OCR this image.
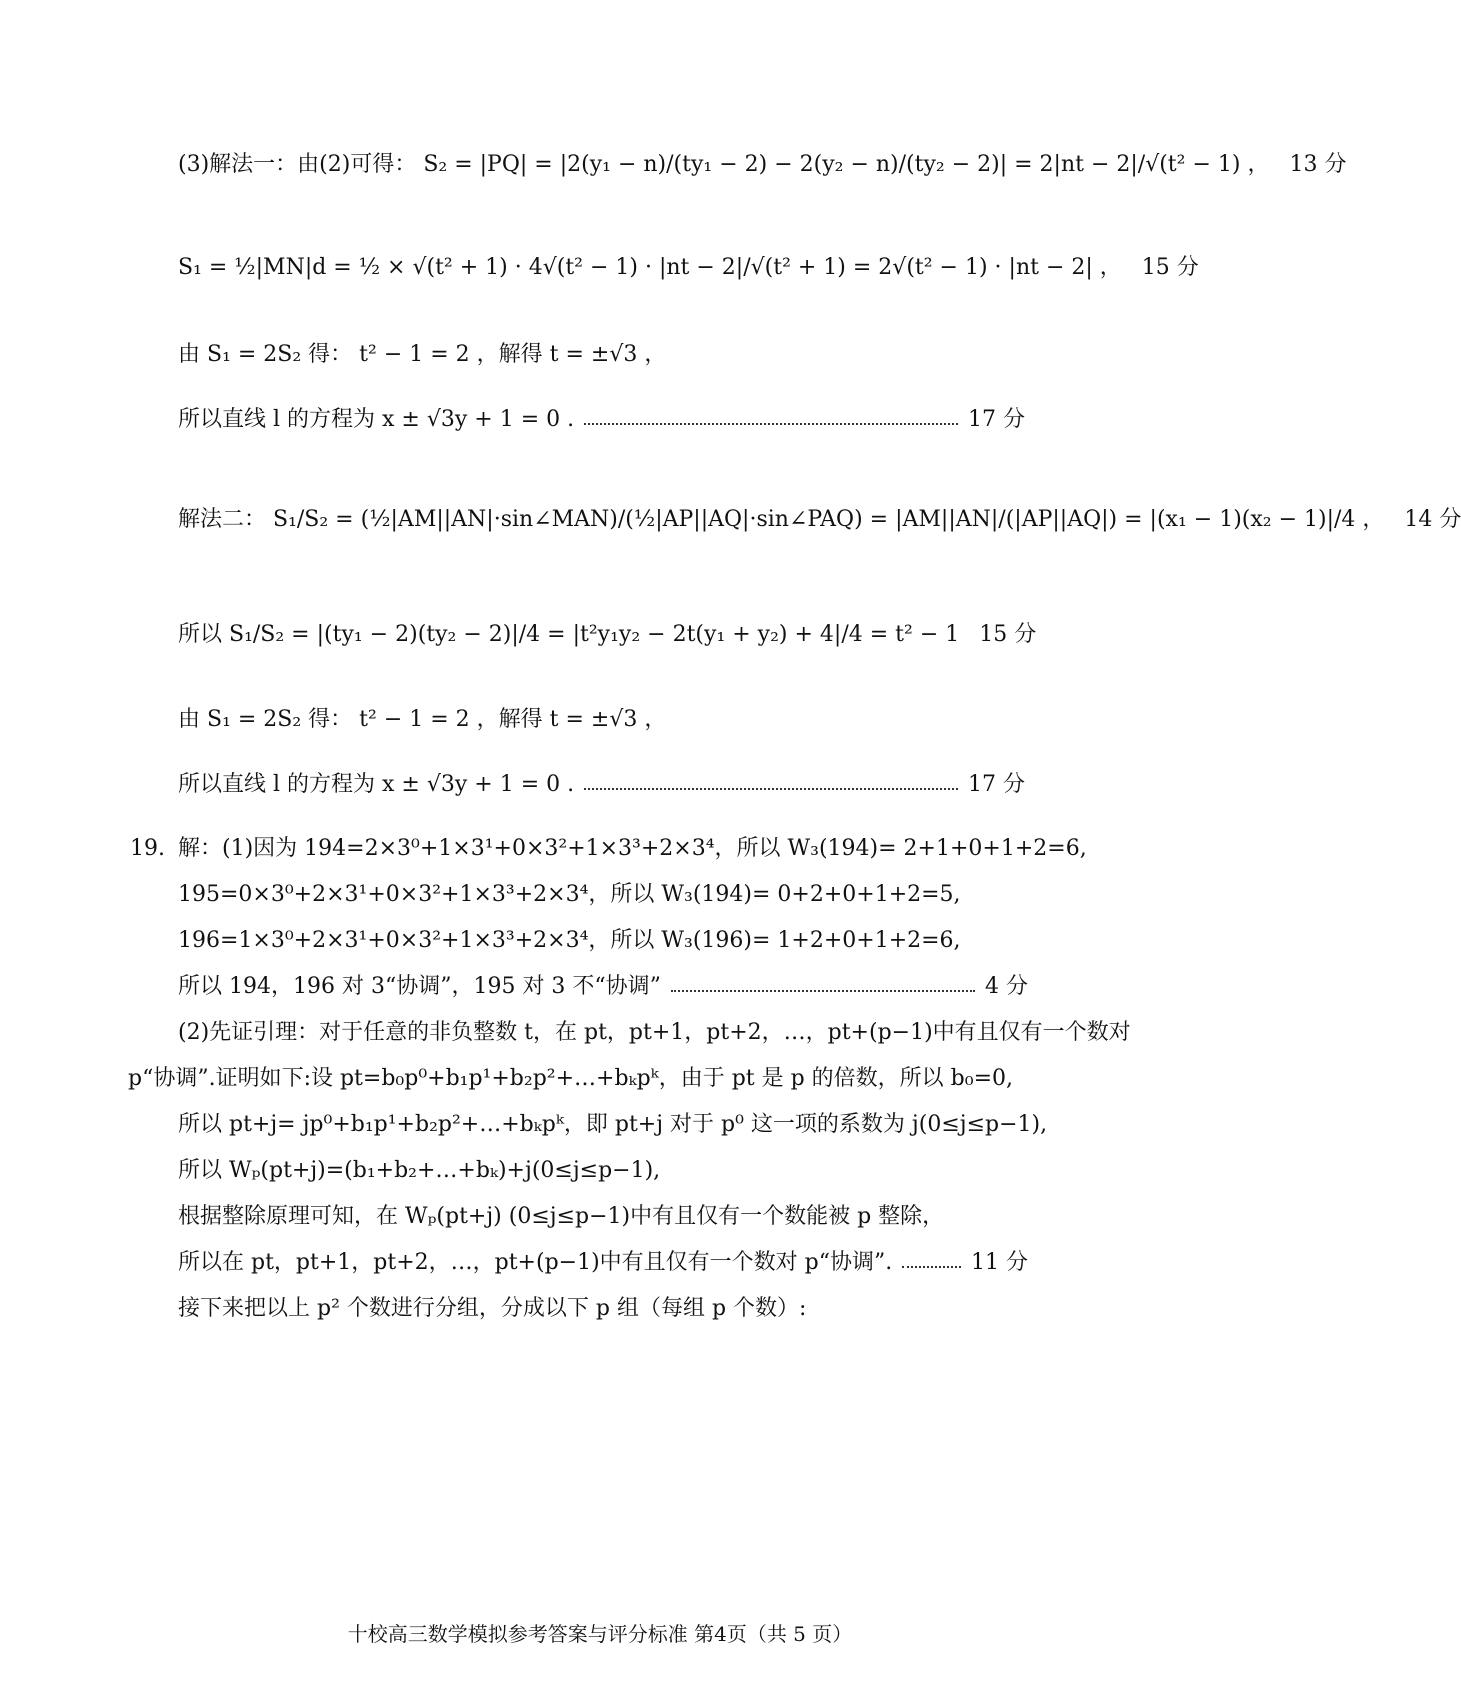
(3)解法一：由(2)可得： S₂ = |PQ| = |2(y₁ − n)/(ty₁ − 2) − 2(y₂ − n)/(ty₂ − 2)| = 2|nt − 2|/√(t² − 1) ， 13 分
S₁ = ½|MN|d = ½ × √(t² + 1) · 4√(t² − 1) · |nt − 2|/√(t² + 1) = 2√(t² − 1) · |nt − 2| ， 15 分
由 S₁ = 2S₂ 得： t² − 1 = 2 ，解得 t = ±√3 ，
所以直线 l 的方程为 x ± √3y + 1 = 0 .	17 分
解法二： S₁/S₂ = (½|AM||AN|·sin∠MAN)/(½|AP||AQ|·sin∠PAQ) = |AM||AN|/(|AP||AQ|) = |(x₁ − 1)(x₂ − 1)|/4 ， 14 分
所以 S₁/S₂ = |(ty₁ − 2)(ty₂ − 2)|/4 = |t²y₁y₂ − 2t(y₁ + y₂) + 4|/4 = t² − 1 15 分
由 S₁ = 2S₂ 得： t² − 1 = 2 ，解得 t = ±√3 ，
所以直线 l 的方程为 x ± √3y + 1 = 0 .	17 分
19. 解：(1)因为 194=2×3⁰+1×3¹+0×3²+1×3³+2×3⁴，所以 W₃(194)= 2+1+0+1+2=6,
195=0×3⁰+2×3¹+0×3²+1×3³+2×3⁴，所以 W₃(194)= 0+2+0+1+2=5,
196=1×3⁰+2×3¹+0×3²+1×3³+2×3⁴，所以 W₃(196)= 1+2+0+1+2=6,
所以 194，196 对 3“协调”，195 对 3 不“协调”	4 分
(2)先证引理：对于任意的非负整数 t，在 pt，pt+1，pt+2，…，pt+(p−1)中有且仅有一个数对
p“协调”.证明如下:设 pt=b₀p⁰+b₁p¹+b₂p²+…+bₖpᵏ，由于 pt 是 p 的倍数，所以 b₀=0,
所以 pt+j= jp⁰+b₁p¹+b₂p²+…+bₖpᵏ，即 pt+j 对于 p⁰ 这一项的系数为 j(0≤j≤p−1),
所以 Wₚ(pt+j)=(b₁+b₂+…+bₖ)+j(0≤j≤p−1),
根据整除原理可知，在 Wₚ(pt+j) (0≤j≤p−1)中有且仅有一个数能被 p 整除，
所以在 pt，pt+1，pt+2，…，pt+(p−1)中有且仅有一个数对 p“协调”.	11 分
接下来把以上 p² 个数进行分组，分成以下 p 组（每组 p 个数）:
十校高三数学模拟参考答案与评分标准 第4页（共 5 页）
